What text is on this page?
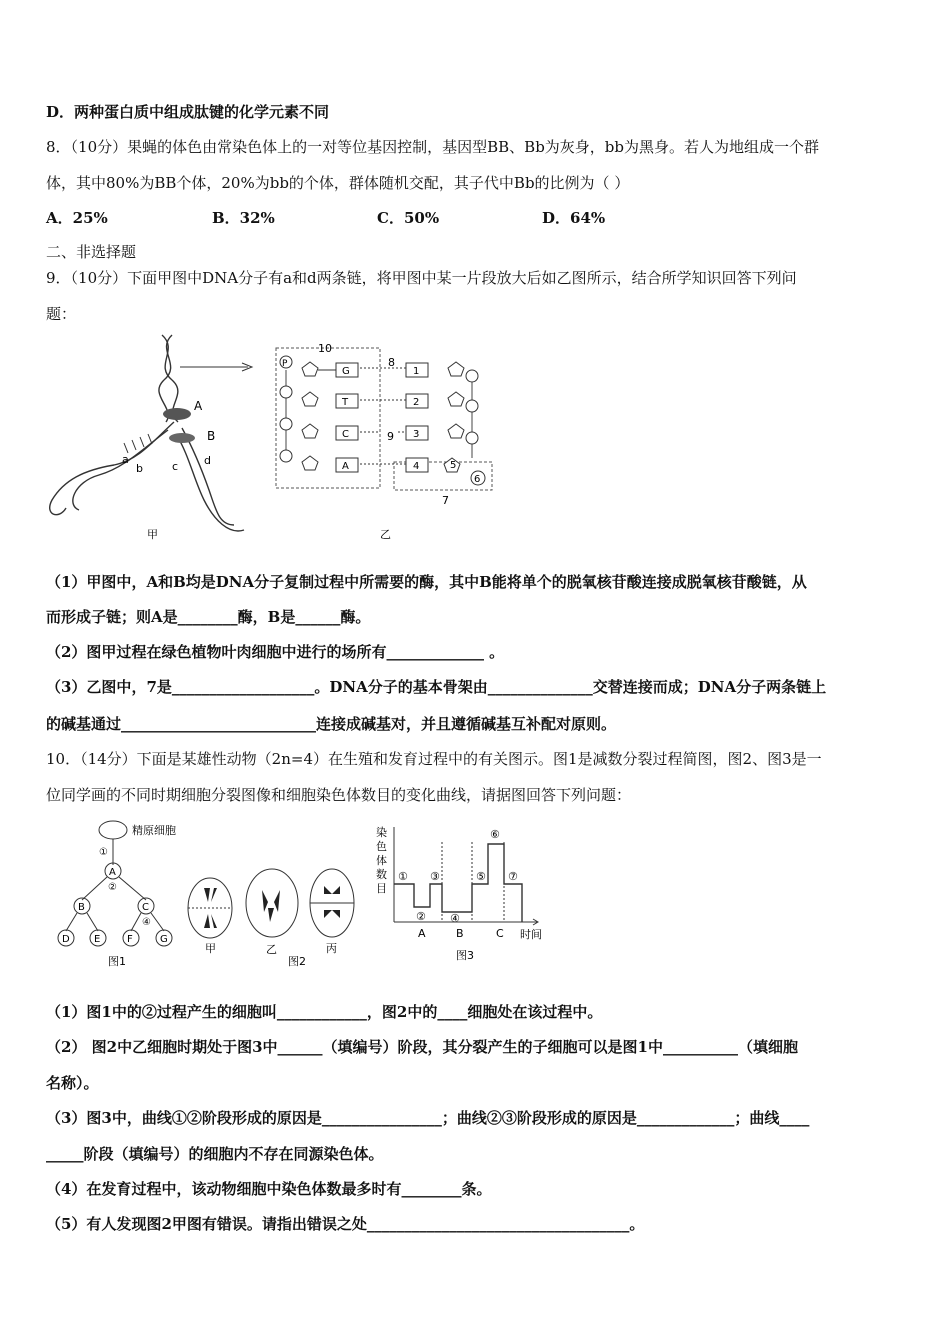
D．两种蛋白质中组成肽键的化学元素不同
8．（10分）果蝇的体色由常染色体上的一对等位基因控制，基因型BB、Bb为灰身，bb为黑身。若人为地组成一个群
体，其中80%为BB个体，20%为bb的个体，群体随机交配，其子代中Bb的比例为（ ）
A．25%	B．32%	C．50%	D．64%
二、非选择题
9．（10分）下面甲图中DNA分子有a和d两条链，将甲图中某一片段放大后如乙图所示，结合所学知识回答下列问
题：
A
B
a
b	c d
甲
10
8
9
7
P
G	1
T	2
C	3
A	4	5
6
乙
（1）甲图中，A和B均是DNA分子复制过程中所需要的酶，其中B能将单个的脱氧核苷酸连接成脱氧核苷酸链，从
而形成子链；则A是________酶，B是______酶。
（2）图甲过程在绿色植物叶肉细胞中进行的场所有_____________ 。
（3）乙图中，7是___________________。DNA分子的基本骨架由______________交替连接而成；DNA分子两条链上
的碱基通过__________________________连接成碱基对，并且遵循碱基互补配对原则。
10．（14分）下面是某雄性动物（2n=4）在生殖和发育过程中的有关图示。图1是减数分裂过程简图，图2、图3是一
位同学画的不同时期细胞分裂图像和细胞染色体数目的变化曲线，请据图回答下列问题：
精原细胞
①
②
④
A
B	C
D E	F	G
图1
甲	乙	丙
图2
染
色
体
数
目
①
②
③
④
⑤
⑥
⑦
A	B	C 时间
图3
（1）图1中的②过程产生的细胞叫____________，图2中的____细胞处在该过程中。
（2） 图2中乙细胞时期处于图3中______（填编号）阶段，其分裂产生的子细胞可以是图1中__________（填细胞
名称）。
（3）图3中，曲线①②阶段形成的原因是________________；曲线②③阶段形成的原因是_____________；曲线____
_____阶段（填编号）的细胞内不存在同源染色体。
（4）在发育过程中，该动物细胞中染色体数最多时有________条。
（5）有人发现图2甲图有错误。请指出错误之处___________________________________。
